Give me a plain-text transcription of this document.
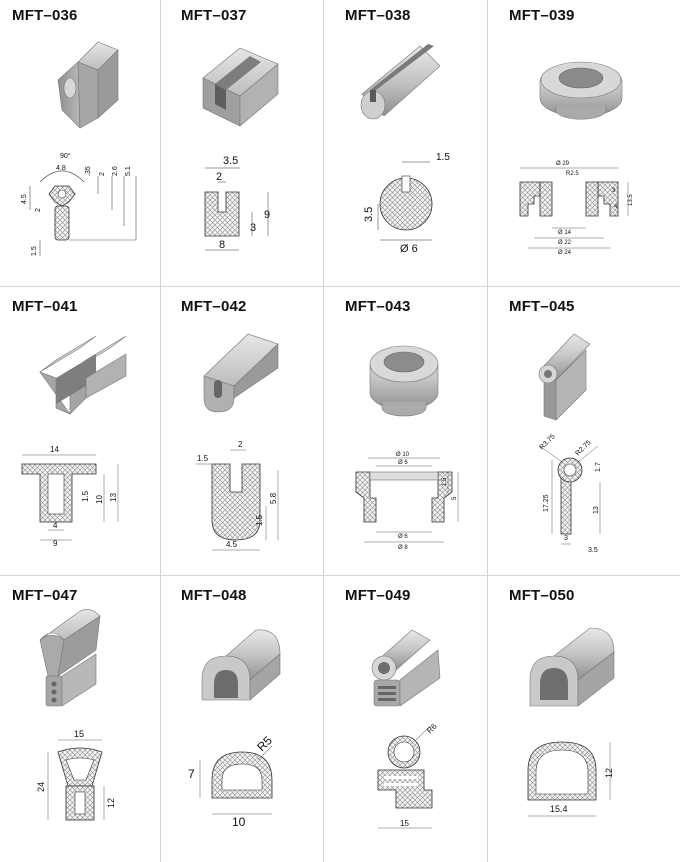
90°
4.8	.35 2 2.6 5.1
4.5
2
1.5
3.5
2
3
9
8
1.5
3.5
Ø 6
Ø 29
R2.5
3
13.5
4
Ø 14
Ø 22
Ø 24
14
1.5 10 13
4
9
1.5
2
5.8
1.5
4.5
Ø 10
Ø 6
1.5
5
Ø 6
Ø 8
R3.75	R2.75
1.7
17.25	13
3
3.5
15
24
12
R5
7
10
R6
15
12
15.4
MFT–036	MFT–037	MFT–038	MFT–039
MFT–041	MFT–042	MFT–043	MFT–045
MFT–047	MFT–048	MFT–049	MFT–050
